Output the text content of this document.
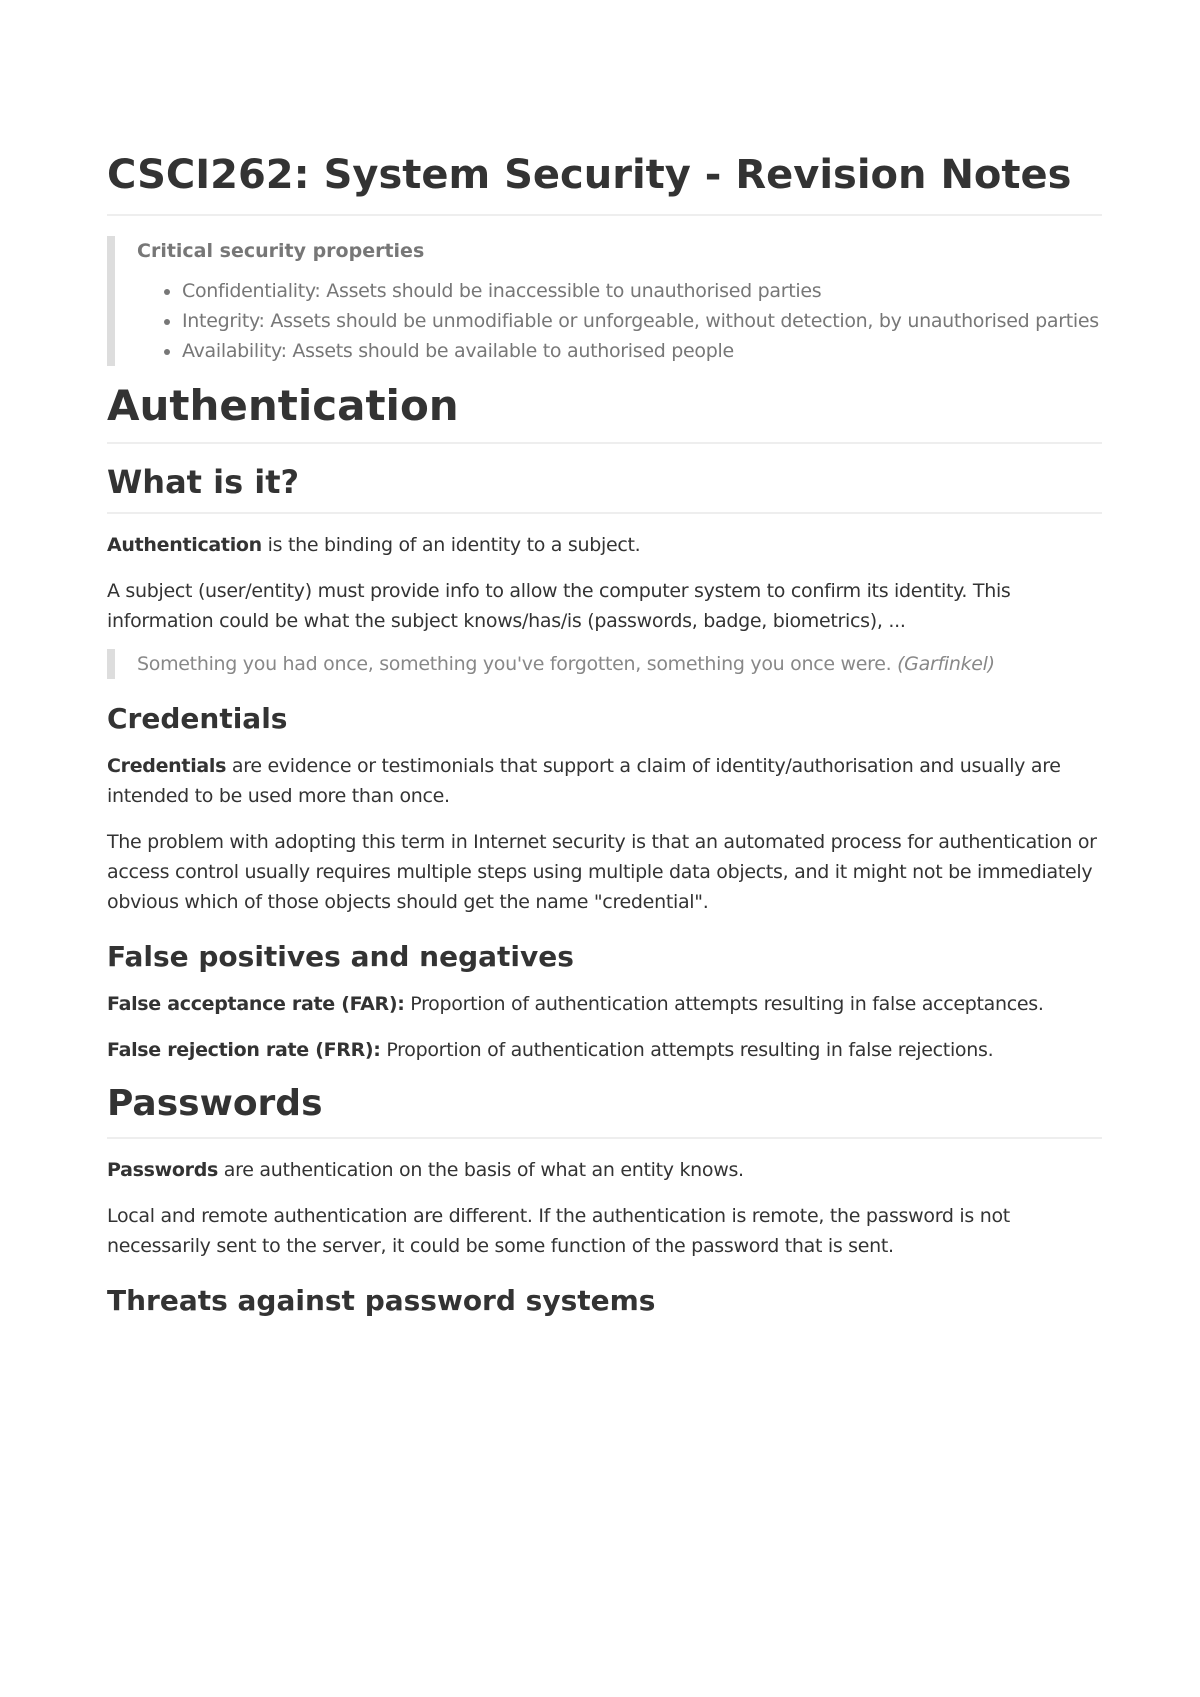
CSCI262: System Security - Revision Notes
Critical security properties
• Confidentiality: Assets should be inaccessible to unauthorised parties
• Integrity: Assets should be unmodifiable or unforgeable, without detection, by unauthorised parties
• Availability: Assets should be available to authorised people
Authentication
What is it?

Authentication is the binding of an identity to a subject.

A subject (user/entity) must provide info to allow the computer system to confirm its identity. This information could be what the subject knows/has/is (passwords, badge, biometrics), ...

Something you had once, something you've forgotten, something you once were. (Garfinkel)
Credentials

Credentials are evidence or testimonials that support a claim of identity/authorisation and usually are intended to be used more than once.

The problem with adopting this term in Internet security is that an automated process for authentication or access control usually requires multiple steps using multiple data objects, and it might not be immediately obvious which of those objects should get the name "credential".

False positives and negatives

False acceptance rate (FAR): Proportion of authentication attempts resulting in false acceptances.

False rejection rate (FRR): Proportion of authentication attempts resulting in false rejections.

Passwords

Passwords are authentication on the basis of what an entity knows.

Local and remote authentication are different. If the authentication is remote, the password is not necessarily sent to the server, it could be some function of the password that is sent.

Threats against password systems
